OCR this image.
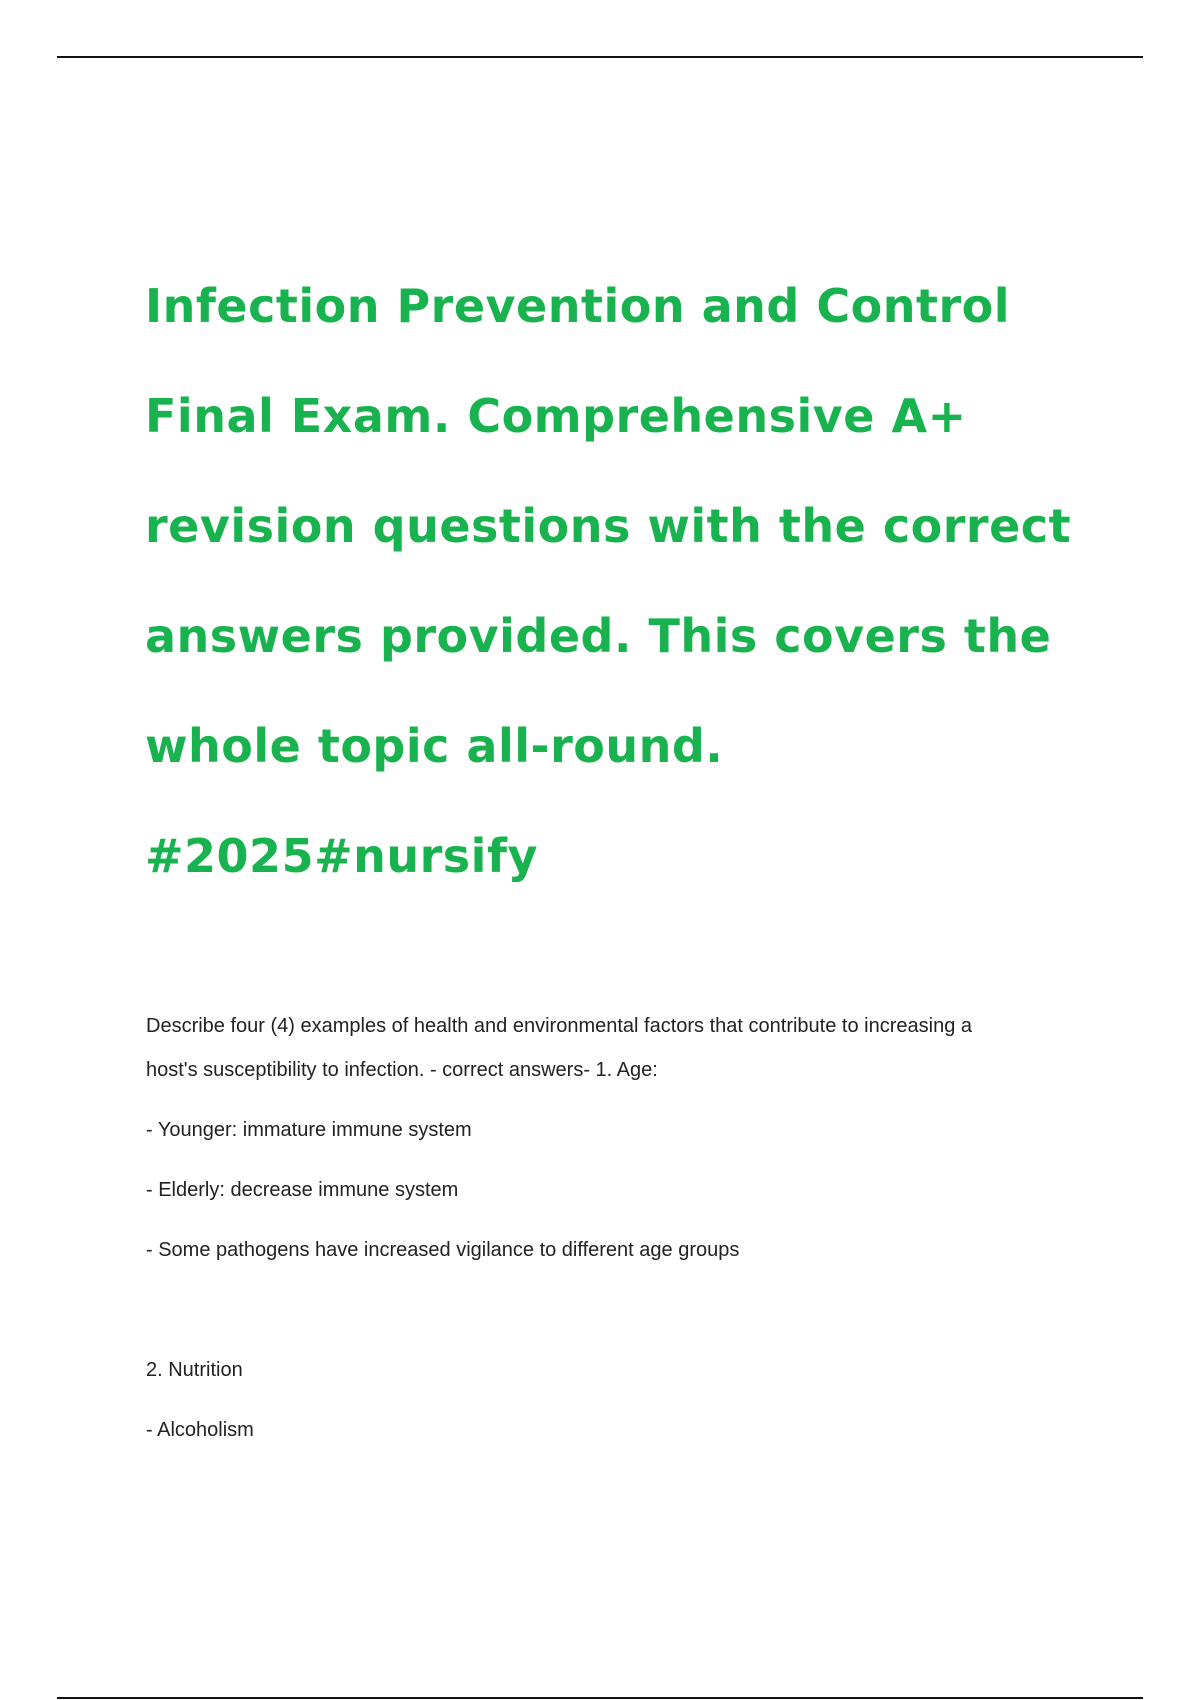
Infection Prevention and Control
Final Exam. Comprehensive A+
revision questions with the correct
answers provided. This covers the
whole topic all-round.
#2025#nursify

Describe four (4) examples of health and environmental factors that contribute to increasing a
host's susceptibility to infection. - correct answers- 1. Age:

- Younger: immature immune system

- Elderly: decrease immune system

- Some pathogens have increased vigilance to different age groups

2. Nutrition

- Alcoholism
